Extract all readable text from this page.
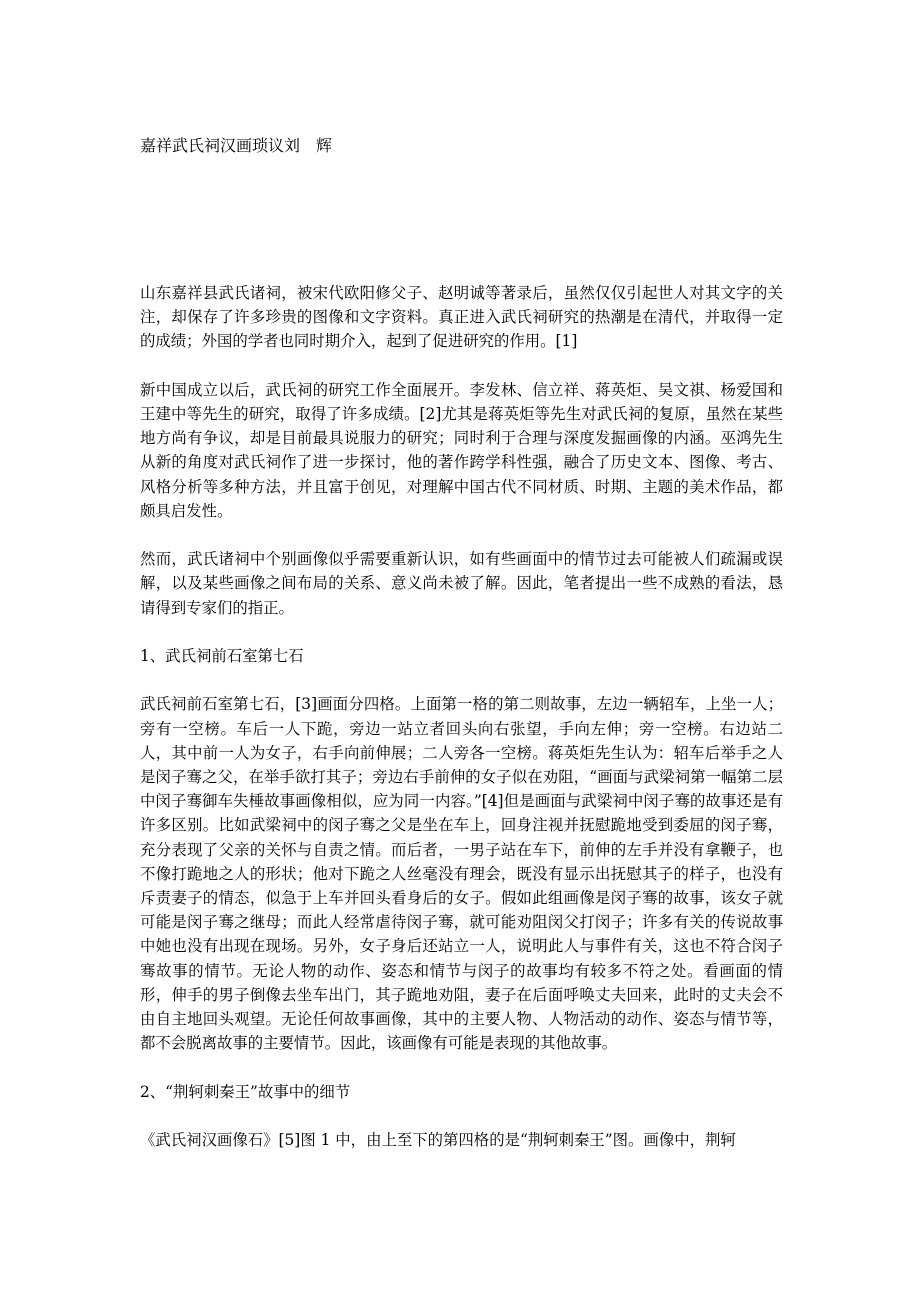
嘉祥武氏祠汉画琐议刘　辉

山东嘉祥县武氏诸祠，被宋代欧阳修父子、赵明诚等著录后，虽然仅仅引起世人对其文字的关注，却保存了许多珍贵的图像和文字资料。真正进入武氏祠研究的热潮是在清代，并取得一定的成绩；外国的学者也同时期介入，起到了促进研究的作用。[1]

新中国成立以后，武氏祠的研究工作全面展开。李发林、信立祥、蒋英炬、吴文祺、杨爱国和王建中等先生的研究，取得了许多成绩。[2]尤其是蒋英炬等先生对武氏祠的复原，虽然在某些地方尚有争议，却是目前最具说服力的研究；同时利于合理与深度发掘画像的内涵。巫鸿先生从新的角度对武氏祠作了进一步探讨，他的著作跨学科性强，融合了历史文本、图像、考古、风格分析等多种方法，并且富于创见，对理解中国古代不同材质、时期、主题的美术作品，都颇具启发性。

然而，武氏诸祠中个别画像似乎需要重新认识，如有些画面中的情节过去可能被人们疏漏或误解，以及某些画像之间布局的关系、意义尚未被了解。因此，笔者提出一些不成熟的看法，恳请得到专家们的指正。

1、武氏祠前石室第七石

武氏祠前石室第七石，[3]画面分四格。上面第一格的第二则故事，左边一辆轺车，上坐一人；旁有一空榜。车后一人下跪，旁边一站立者回头向右张望，手向左伸；旁一空榜。右边站二人，其中前一人为女子，右手向前伸展；二人旁各一空榜。蒋英炬先生认为：轺车后举手之人是闵子骞之父，在举手欲打其子；旁边右手前伸的女子似在劝阻，“画面与武梁祠第一幅第二层中闵子骞御车失棰故事画像相似，应为同一内容。”[4]但是画面与武梁祠中闵子骞的故事还是有许多区别。比如武梁祠中的闵子骞之父是坐在车上，回身注视并抚慰跪地受到委屈的闵子骞，充分表现了父亲的关怀与自责之情。而后者，一男子站在车下，前伸的左手并没有拿鞭子，也不像打跪地之人的形状；他对下跪之人丝毫没有理会，既没有显示出抚慰其子的样子，也没有斥责妻子的情态，似急于上车并回头看身后的女子。假如此组画像是闵子骞的故事，该女子就可能是闵子骞之继母；而此人经常虐待闵子骞，就可能劝阻闵父打闵子；许多有关的传说故事中她也没有出现在现场。另外，女子身后还站立一人，说明此人与事件有关，这也不符合闵子骞故事的情节。无论人物的动作、姿态和情节与闵子的故事均有较多不符之处。看画面的情形，伸手的男子倒像去坐车出门，其子跪地劝阻，妻子在后面呼唤丈夫回来，此时的丈夫会不由自主地回头观望。无论任何故事画像，其中的主要人物、人物活动的动作、姿态与情节等，都不会脱离故事的主要情节。因此，该画像有可能是表现的其他故事。

2、“荆轲刺秦王”故事中的细节

《武氏祠汉画像石》[5]图 1 中，由上至下的第四格的是“荆轲刺秦王”图。画像中，荆轲
